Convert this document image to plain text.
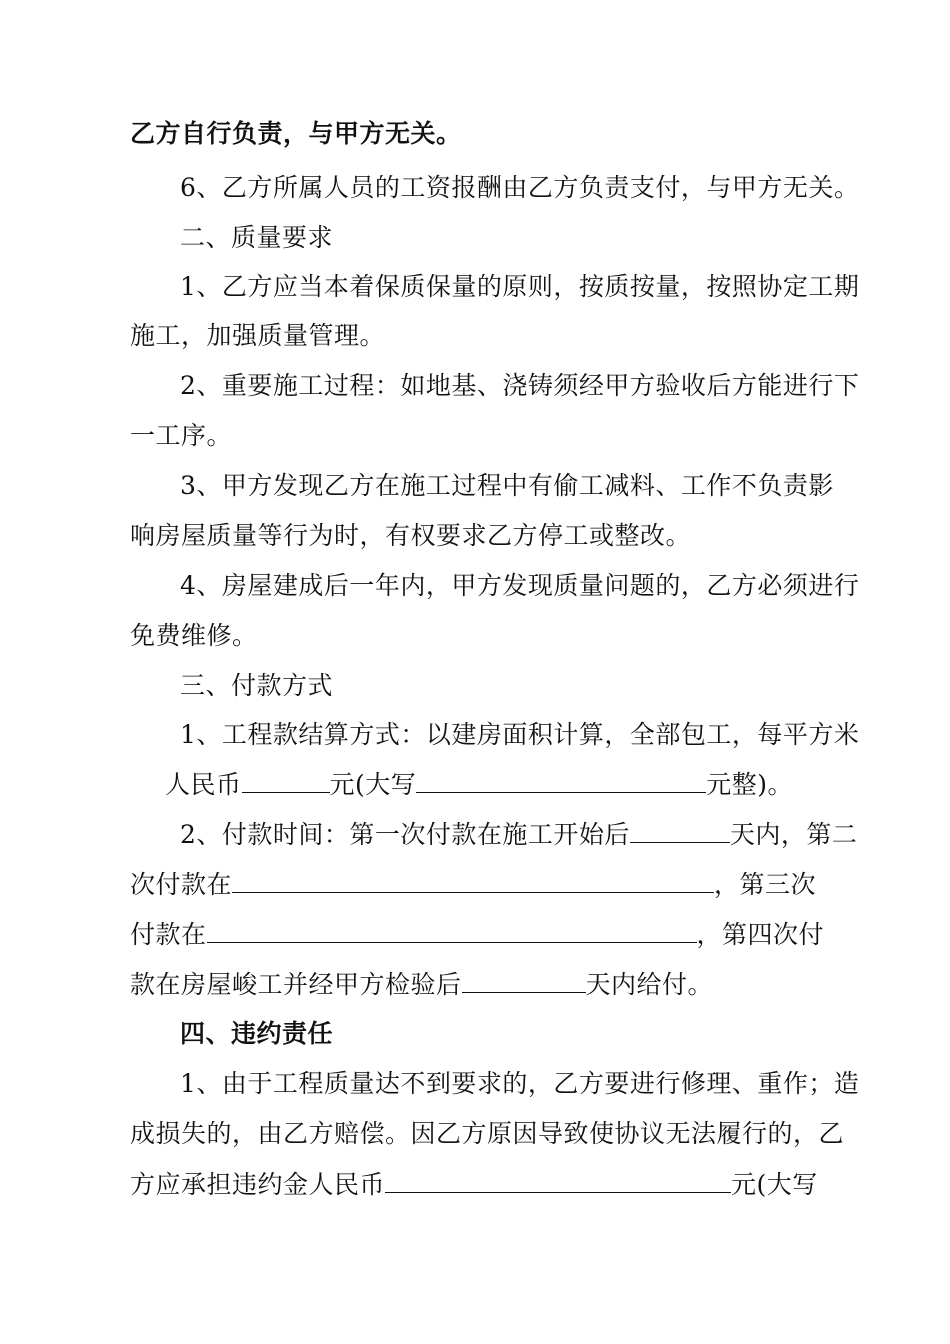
乙方自行负责，与甲方无关。
6、乙方所属人员的工资报酬由乙方负责支付，与甲方无关。
二、质量要求
1、乙方应当本着保质保量的原则，按质按量，按照协定工期
施工，加强质量管理。
2、重要施工过程：如地基、浇铸须经甲方验收后方能进行下
一工序。
3、甲方发现乙方在施工过程中有偷工减料、工作不负责影
响房屋质量等行为时，有权要求乙方停工或整改。
4、房屋建成后一年内，甲方发现质量问题的，乙方必须进行
免费维修。
三、付款方式
1、工程款结算方式：以建房面积计算，全部包工，每平方米
人民币	元(大写	元整)。
2、付款时间：第一次付款在施工开始后	天内，第二
次付款在	，第三次
付款在	，第四次付
款在房屋峻工并经甲方检验后	天内给付。
四、违约责任
1、由于工程质量达不到要求的，乙方要进行修理、重作；造
成损失的，由乙方赔偿。因乙方原因导致使协议无法履行的，乙
方应承担违约金人民币	元(大写
